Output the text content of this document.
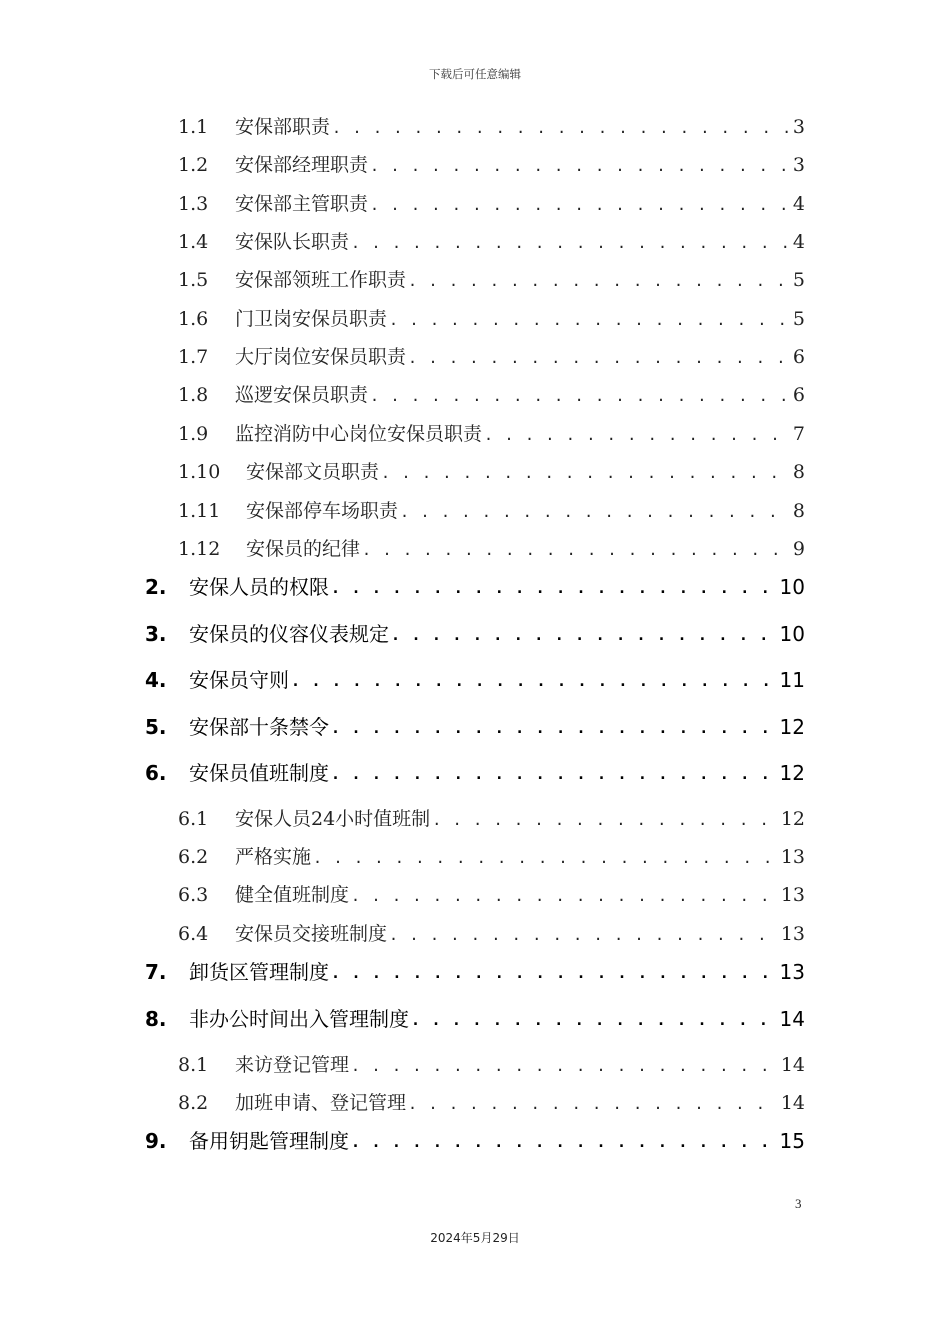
下载后可任意编辑
1.1	安保部职责 . . .	3
1.2	安保部经理职责 . . .	3
1.3	安保部主管职责 . . .	4
1.4	安保队长职责 . . .	4
1.5	安保部领班工作职责 . . .	5
1.6	门卫岗安保员职责 . . .	5
1.7	大厅岗位安保员职责 . . .	6
1.8	巡逻安保员职责 . . .	6
1.9	监控消防中心岗位安保员职责 . . .	7
1.10	安保部文员职责 . . .	8
1.11	安保部停车场职责 . . .	8
1.12	安保员的纪律 . . .	9
2.	安保人员的权限 . . .	10
3.	安保员的仪容仪表规定 . . .	10
4.	安保员守则 . . .	11
5.	安保部十条禁令 . . .	12
6.	安保员值班制度 . . .	12
6.1	安保人员24小时值班制 . . .	12
6.2	严格实施 . . .	13
6.3	健全值班制度 . . .	13
6.4	安保员交接班制度 . . .	13
7.	卸货区管理制度 . . .	13
8.	非办公时间出入管理制度 . . .	14
8.1	来访登记管理 . . .	14
8.2	加班申请、登记管理 . . .	14
9.	备用钥匙管理制度 . . .	15
3
2024年5月29日
